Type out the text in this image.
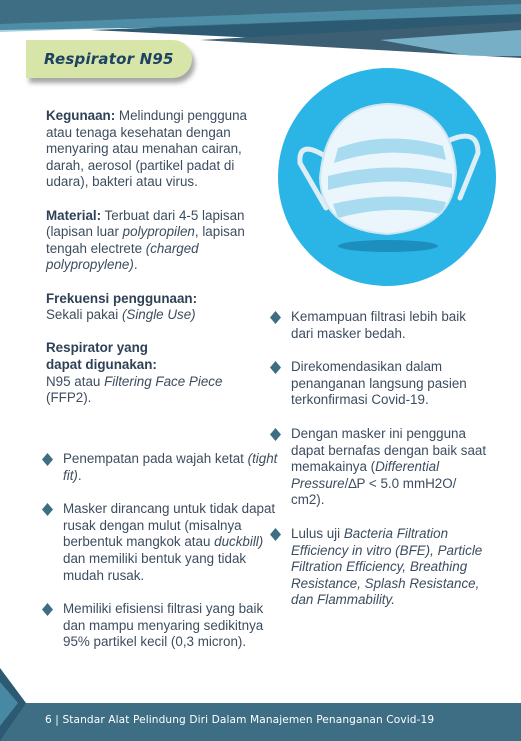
Respirator N95

Kegunaan: Melindungi pengguna atau tenaga kesehatan dengan menyaring atau menahan cairan, darah, aerosol (partikel padat di udara), bakteri atau virus.

Material: Terbuat dari 4-5 lapisan (lapisan luar polypropilen, lapisan tengah electrete (charged polypropylene).

Frekuensi penggunaan:
Sekali pakai (Single Use)

Respirator yang dapat digunakan:
N95 atau Filtering Face Piece (FFP2).

Penempatan pada wajah ketat (tight fit).
Masker dirancang untuk tidak dapat rusak dengan mulut (misalnya berbentuk mangkok atau duckbill) dan memiliki bentuk yang tidak mudah rusak.
Memiliki efisiensi filtrasi yang baik dan mampu menyaring sedikitnya 95% partikel kecil (0,3 micron).
Kemampuan filtrasi lebih baik dari masker bedah.
Direkomendasikan dalam penanganan langsung pasien terkonfirmasi Covid-19.
Dengan masker ini pengguna dapat bernafas dengan baik saat memakainya (Differential Pressure/∆P < 5.0 mmH2O/ cm2).
Lulus uji Bacteria Filtration Efficiency in vitro (BFE), Particle Filtration Efficiency, Breathing Resistance, Splash Resistance, dan Flammability.
6 | Standar Alat Pelindung Diri Dalam Manajemen Penanganan Covid-19
